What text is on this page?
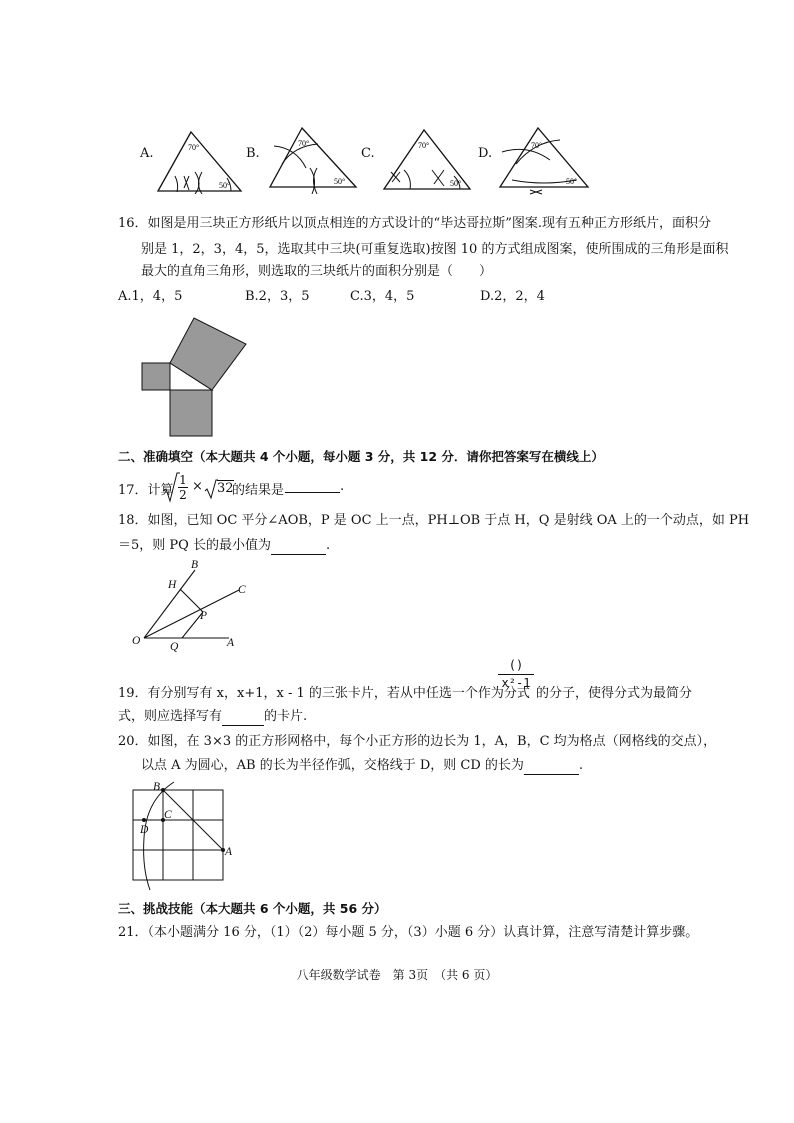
A.	70°
50°
B.
70°
50°
C.
70°
50°
D.
70°
50°
16．如图是用三块正方形纸片以顶点相连的方式设计的“毕达哥拉斯”图案.现有五种正方形纸片，面积分
别是 1，2，3，4，5，选取其中三块(可重复选取)按图 10 的方式组成图案，使所围成的三角形是面积
最大的直角三角形，则选取的三块纸片的面积分别是（　　）
A.1，4，5	B.2，3，5	C.3，4，5	D.2，2，4
二、准确填空（本大题共 4 个小题，每小题 3 分，共 12 分．请你把答案写在横线上）
17．计算
1
2
× 32
的结果是	.
18．如图，已知 OC 平分∠AOB，P 是 OC 上一点，PH⊥OB 于点 H，Q 是射线 OA 上的一个动点，如 PH
＝5，则 PQ 长的最小值为	.
B
H	C
P
O	Q	A
19．有分别写有 x，x+1，x - 1 的三张卡片，若从中任选一个作为分式
()
x²-1
的分子，使得分式为最简分
式，则应选择写有	的卡片.
20．如图，在 3×3 的正方形网格中，每个小正方形的边长为 1，A，B，C 均为格点（网格线的交点），
以点 A 为圆心，AB 的长为半径作弧，交格线于 D，则 CD 的长为	.
B
C
D
A
三、挑战技能（本大题共 6 个小题，共 56 分）
21．（本小题满分 16 分，（1）（2）每小题 5 分，（3）小题 6 分）认真计算，注意写清楚计算步骤。
八年级数学试卷　第 3页　（共 6 页）
